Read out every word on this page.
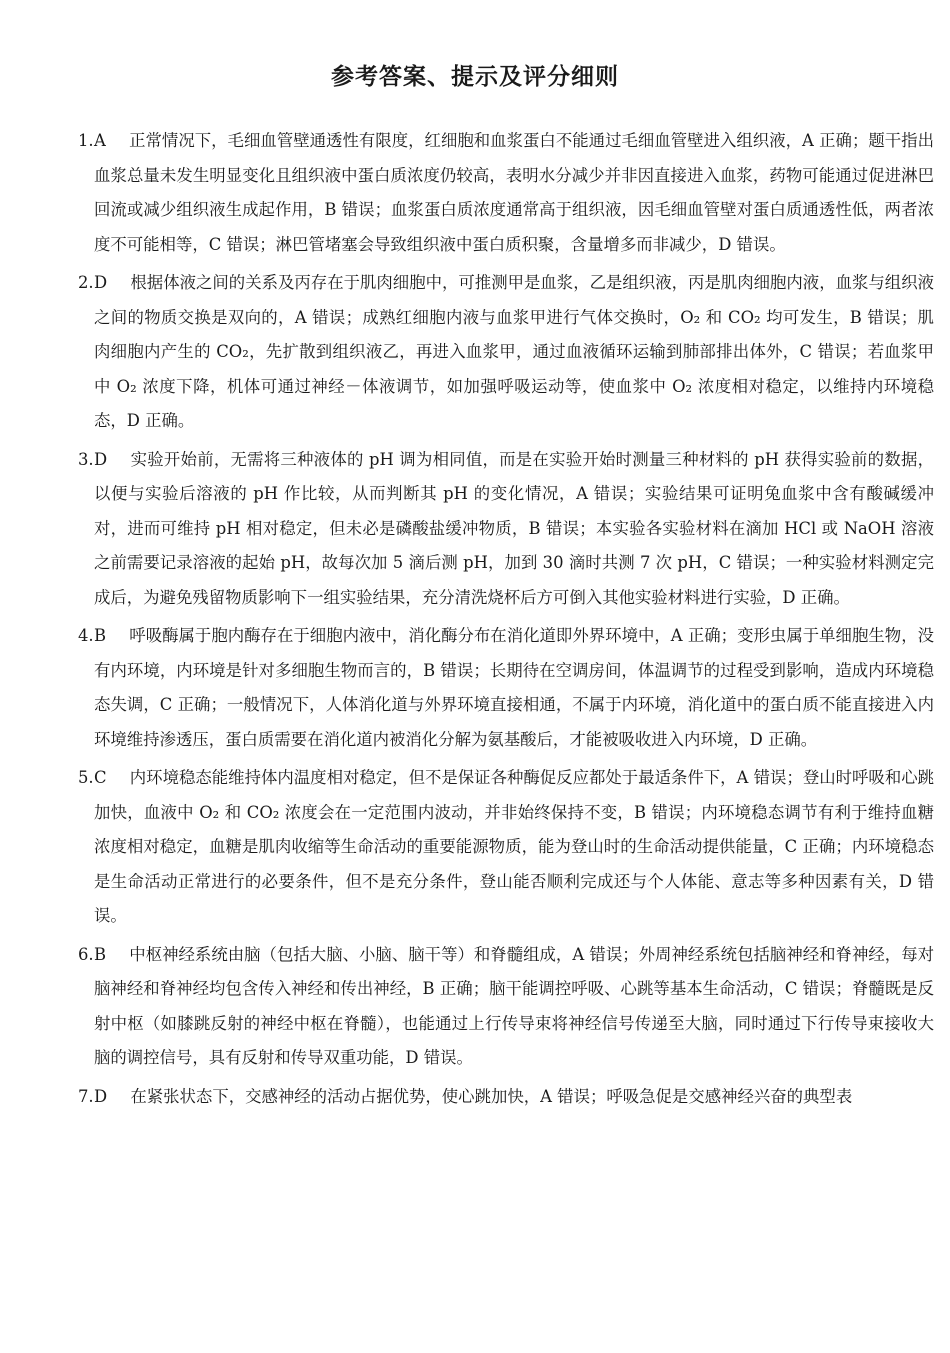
参考答案、提示及评分细则
1. A 正常情况下，毛细血管壁通透性有限度，红细胞和血浆蛋白不能通过毛细血管壁进入组织液，A 正确；题干指出血浆总量未发生明显变化且组织液中蛋白质浓度仍较高，表明水分减少并非因直接进入血浆，药物可能通过促进淋巴回流或减少组织液生成起作用，B 错误；血浆蛋白质浓度通常高于组织液，因毛细血管壁对蛋白质通透性低，两者浓度不可能相等，C 错误；淋巴管堵塞会导致组织液中蛋白质积聚，含量增多而非减少，D 错误。
2. D 根据体液之间的关系及丙存在于肌肉细胞中，可推测甲是血浆，乙是组织液，丙是肌肉细胞内液，血浆与组织液之间的物质交换是双向的，A 错误；成熟红细胞内液与血浆甲进行气体交换时，O₂ 和 CO₂ 均可发生，B 错误；肌肉细胞内产生的 CO₂，先扩散到组织液乙，再进入血浆甲，通过血液循环运输到肺部排出体外，C 错误；若血浆甲中 O₂ 浓度下降，机体可通过神经－体液调节，如加强呼吸运动等，使血浆中 O₂ 浓度相对稳定，以维持内环境稳态，D 正确。
3. D 实验开始前，无需将三种液体的 pH 调为相同值，而是在实验开始时测量三种材料的 pH 获得实验前的数据，以便与实验后溶液的 pH 作比较，从而判断其 pH 的变化情况，A 错误；实验结果可证明兔血浆中含有酸碱缓冲对，进而可维持 pH 相对稳定，但未必是磷酸盐缓冲物质，B 错误；本实验各实验材料在滴加 HCl 或 NaOH 溶液之前需要记录溶液的起始 pH，故每次加 5 滴后测 pH，加到 30 滴时共测 7 次 pH，C 错误；一种实验材料测定完成后，为避免残留物质影响下一组实验结果，充分清洗烧杯后方可倒入其他实验材料进行实验，D 正确。
4. B 呼吸酶属于胞内酶存在于细胞内液中，消化酶分布在消化道即外界环境中，A 正确；变形虫属于单细胞生物，没有内环境，内环境是针对多细胞生物而言的，B 错误；长期待在空调房间，体温调节的过程受到影响，造成内环境稳态失调，C 正确；一般情况下，人体消化道与外界环境直接相通，不属于内环境，消化道中的蛋白质不能直接进入内环境维持渗透压，蛋白质需要在消化道内被消化分解为氨基酸后，才能被吸收进入内环境，D 正确。
5. C 内环境稳态能维持体内温度相对稳定，但不是保证各种酶促反应都处于最适条件下，A 错误；登山时呼吸和心跳加快，血液中 O₂ 和 CO₂ 浓度会在一定范围内波动，并非始终保持不变，B 错误；内环境稳态调节有利于维持血糖浓度相对稳定，血糖是肌肉收缩等生命活动的重要能源物质，能为登山时的生命活动提供能量，C 正确；内环境稳态是生命活动正常进行的必要条件，但不是充分条件，登山能否顺利完成还与个人体能、意志等多种因素有关，D 错误。
6. B 中枢神经系统由脑（包括大脑、小脑、脑干等）和脊髓组成，A 错误；外周神经系统包括脑神经和脊神经，每对脑神经和脊神经均包含传入神经和传出神经，B 正确；脑干能调控呼吸、心跳等基本生命活动，C 错误；脊髓既是反射中枢（如膝跳反射的神经中枢在脊髓），也能通过上行传导束将神经信号传递至大脑，同时通过下行传导束接收大脑的调控信号，具有反射和传导双重功能，D 错误。
7. D 在紧张状态下，交感神经的活动占据优势，使心跳加快，A 错误；呼吸急促是交感神经兴奋的典型表
